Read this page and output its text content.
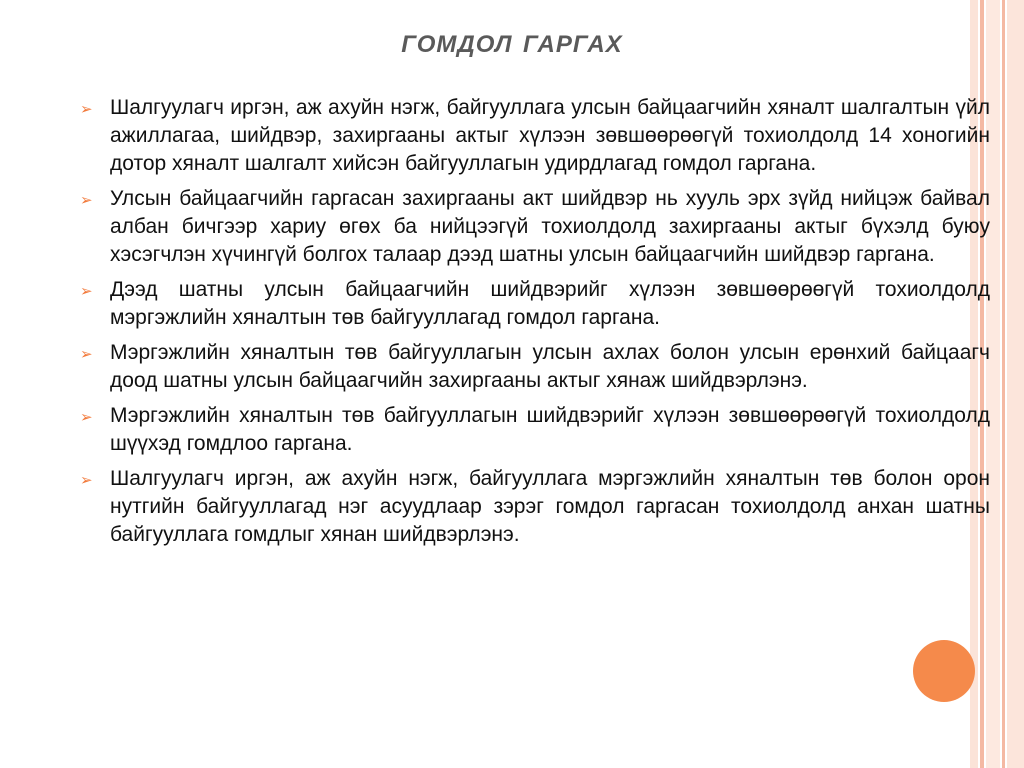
гомдол гаргах
➢ Шалгуулагч иргэн, аж ахуйн нэгж, байгууллага улсын байцаагчийн хяналт шалгалтын үйл ажиллагаа, шийдвэр, захиргааны актыг хүлээн зөвшөөрөөгүй тохиолдолд 14 хоногийн дотор хяналт шалгалт хийсэн байгууллагын удирдлагад гомдол гаргана.
➢ Улсын байцаагчийн гаргасан захиргааны акт шийдвэр нь хууль эрх зүйд нийцэж байвал албан бичгээр хариу өгөх ба нийцээгүй тохиолдолд захиргааны актыг бүхэлд буюу хэсэгчлэн хүчингүй болгох талаар дээд шатны улсын байцаагчийн шийдвэр гаргана.
➢ Дээд шатны улсын байцаагчийн шийдвэрийг хүлээн зөвшөөрөөгүй тохиолдолд мэргэжлийн хяналтын төв байгууллагад гомдол гаргана.
➢ Мэргэжлийн хяналтын төв байгууллагын улсын ахлах болон улсын ерөнхий байцаагч доод шатны улсын байцаагчийн захиргааны актыг хянаж шийдвэрлэнэ.
➢ Мэргэжлийн хяналтын төв байгууллагын шийдвэрийг хүлээн зөвшөөрөөгүй тохиолдолд шүүхэд гомдлоо гаргана.
➢ Шалгуулагч иргэн, аж ахуйн нэгж, байгууллага мэргэжлийн хяналтын төв болон орон нутгийн байгууллагад нэг асуудлаар зэрэг гомдол гаргасан тохиолдолд анхан шатны байгууллага гомдлыг хянан шийдвэрлэнэ.
